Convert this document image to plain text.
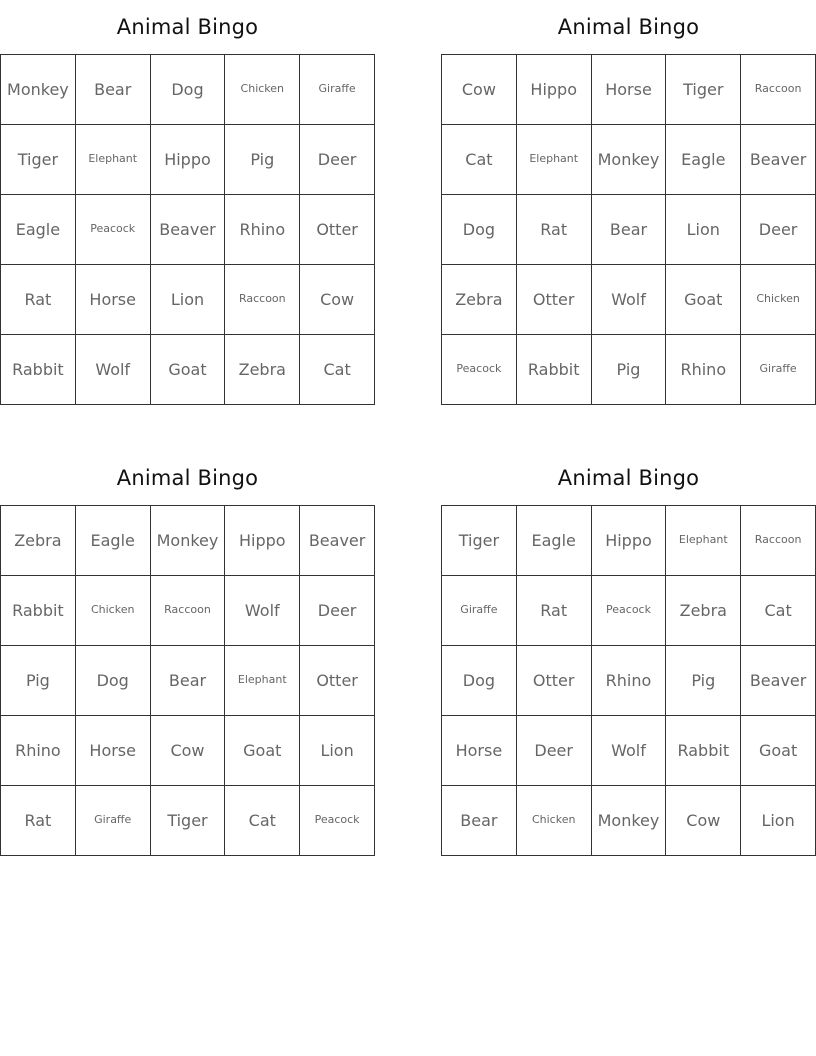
Animal Bingo
Monkey	Bear	Dog	Chicken	Giraffe
Tiger	Elephant	Hippo	Pig	Deer
Eagle	Peacock	Beaver	Rhino	Otter
Rat	Horse	Lion	Raccoon	Cow
Rabbit	Wolf	Goat	Zebra	Cat
Animal Bingo
Cow	Hippo	Horse	Tiger	Raccoon
Cat	Elephant	Monkey	Eagle	Beaver
Dog	Rat	Bear	Lion	Deer
Zebra	Otter	Wolf	Goat	Chicken
Peacock	Rabbit	Pig	Rhino	Giraffe
Animal Bingo
Zebra	Eagle	Monkey	Hippo	Beaver
Rabbit	Chicken	Raccoon	Wolf	Deer
Pig	Dog	Bear	Elephant	Otter
Rhino	Horse	Cow	Goat	Lion
Rat	Giraffe	Tiger	Cat	Peacock
Animal Bingo
Tiger	Eagle	Hippo	Elephant	Raccoon
Giraffe	Rat	Peacock	Zebra	Cat
Dog	Otter	Rhino	Pig	Beaver
Horse	Deer	Wolf	Rabbit	Goat
Bear	Chicken	Monkey	Cow	Lion
